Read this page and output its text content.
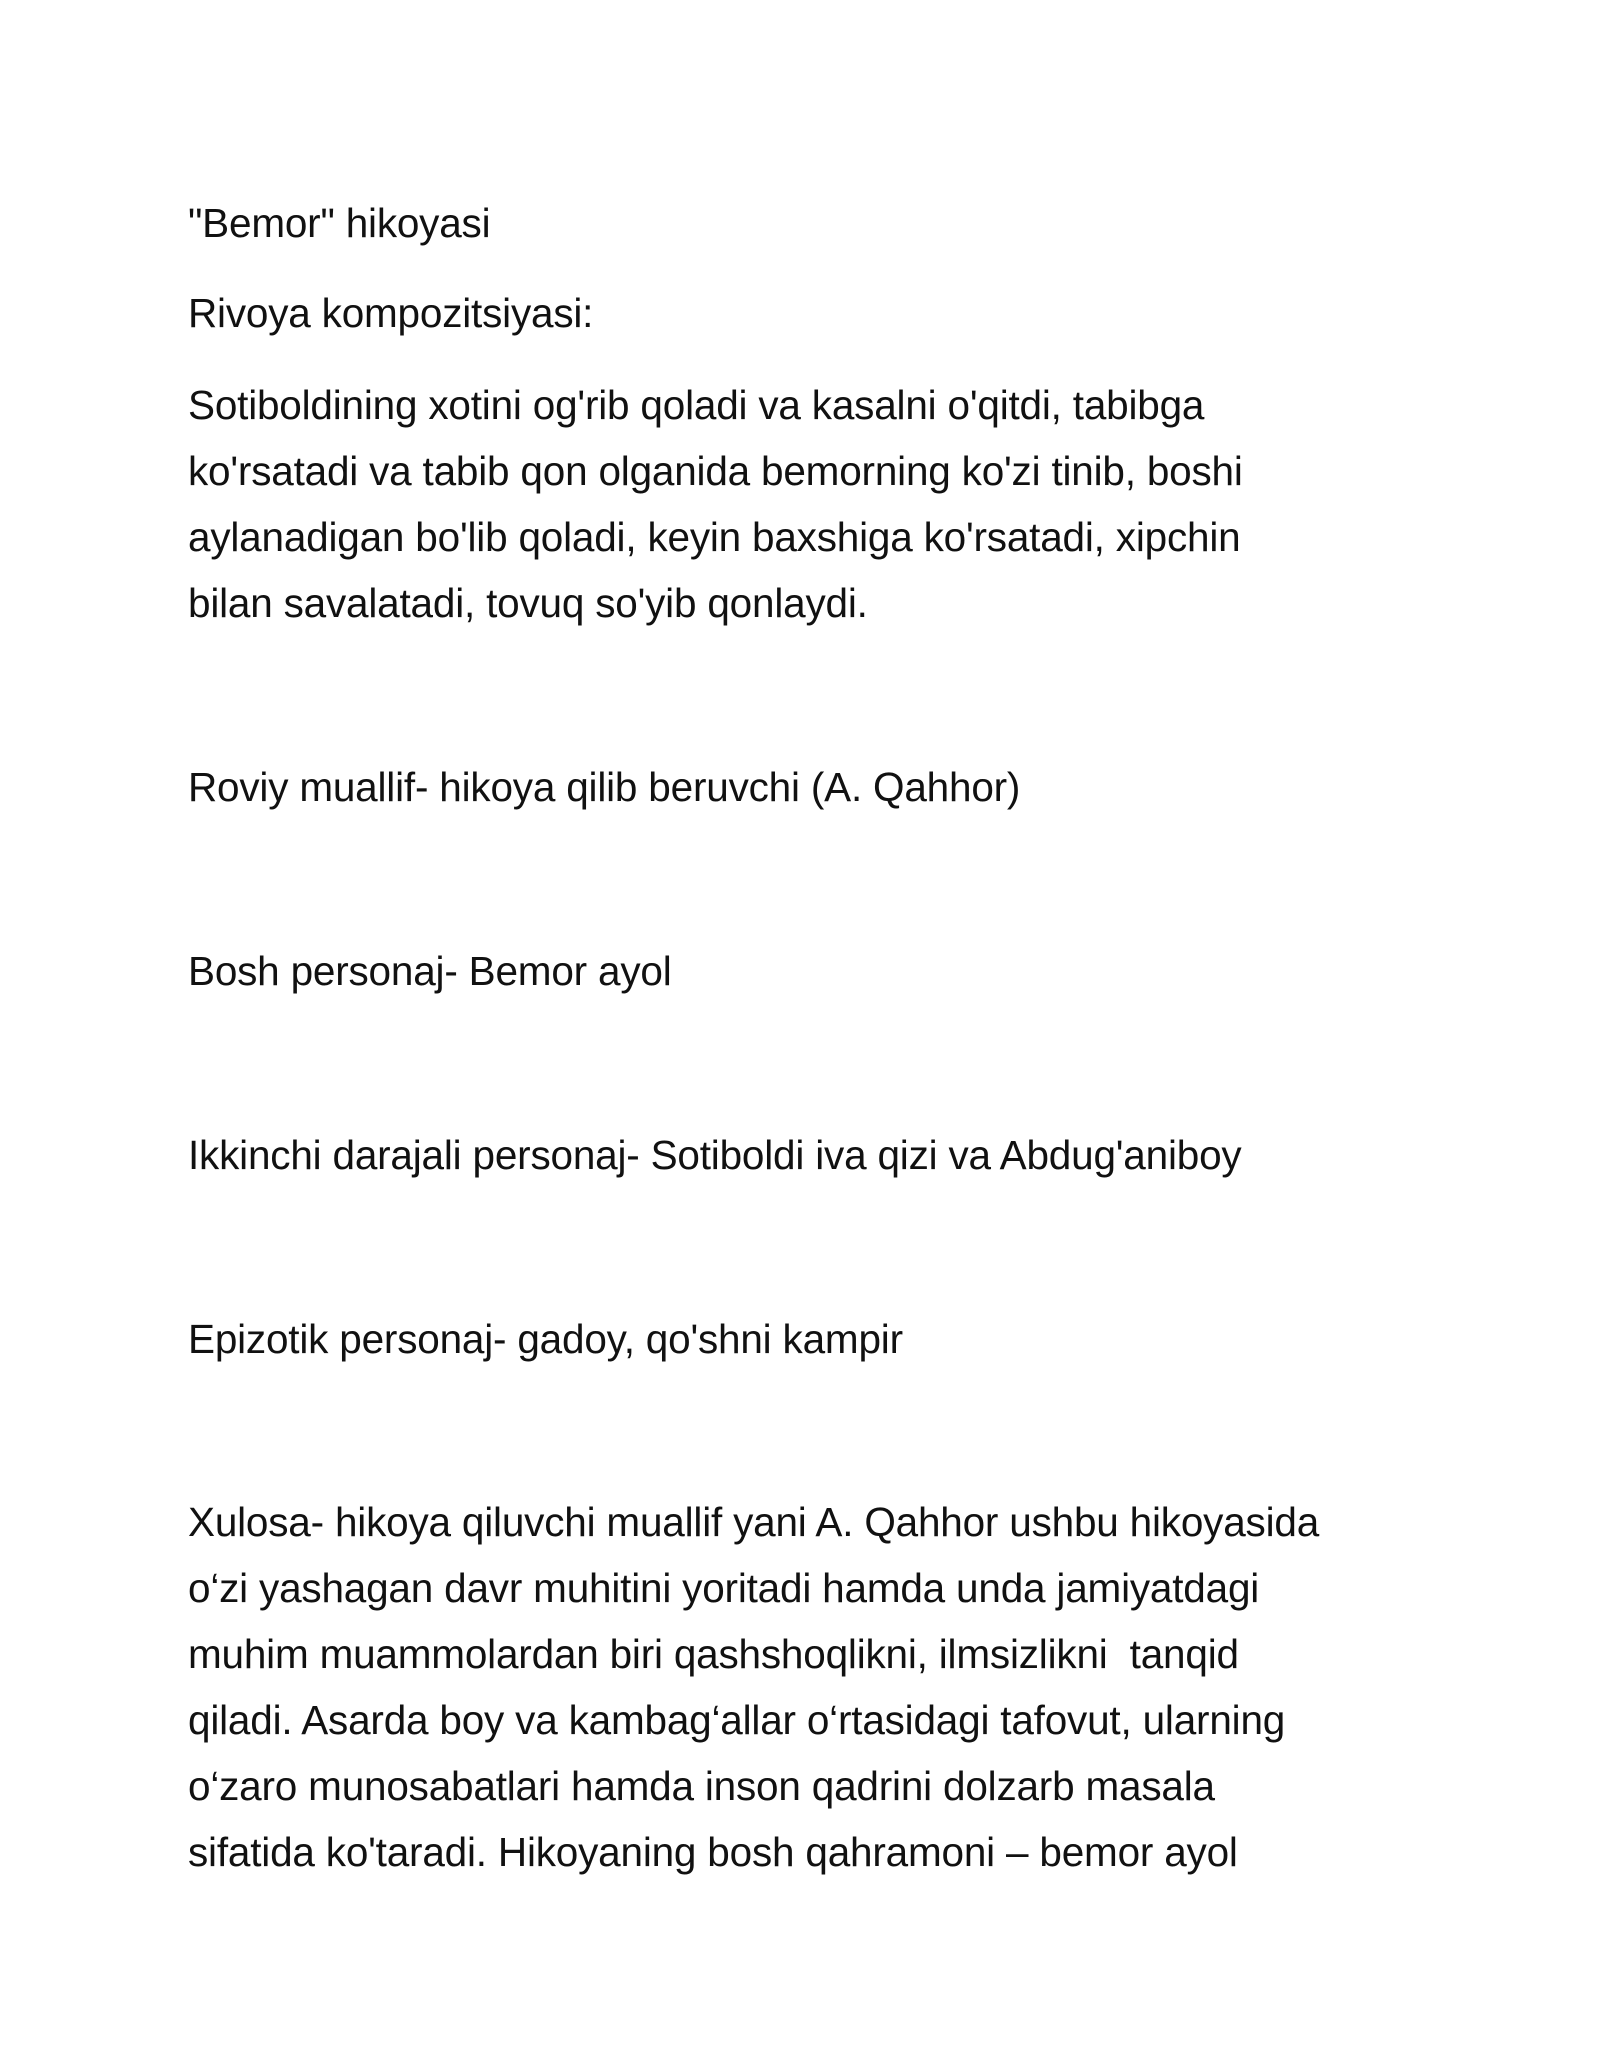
"Bemor" hikoyasi

Rivoya kompozitsiyasi:

Sotiboldining xotini og'rib qoladi va kasalni o'qitdi, tabibga

ko'rsatadi va tabib qon olganida bemorning ko'zi tinib, boshi

aylanadigan bo'lib qoladi, keyin baxshiga ko'rsatadi, xipchin

bilan savalatadi, tovuq so'yib qonlaydi.

Roviy muallif- hikoya qilib beruvchi (A. Qahhor)

Bosh personaj- Bemor ayol

Ikkinchi darajali personaj- Sotiboldi iva qizi va Abdug'aniboy

Epizotik personaj- gadoy, qo'shni kampir

Xulosa- hikoya qiluvchi muallif yani A. Qahhor ushbu hikoyasida

o‘zi yashagan davr muhitini yoritadi hamda unda jamiyatdagi

muhim muammolardan biri qashshoqlikni, ilmsizlikni  tanqid

qiladi. Asarda boy va kambag‘allar o‘rtasidagi tafovut, ularning

o‘zaro munosabatlari hamda inson qadrini dolzarb masala

sifatida ko'taradi. Hikoyaning bosh qahramoni – bemor ayol
